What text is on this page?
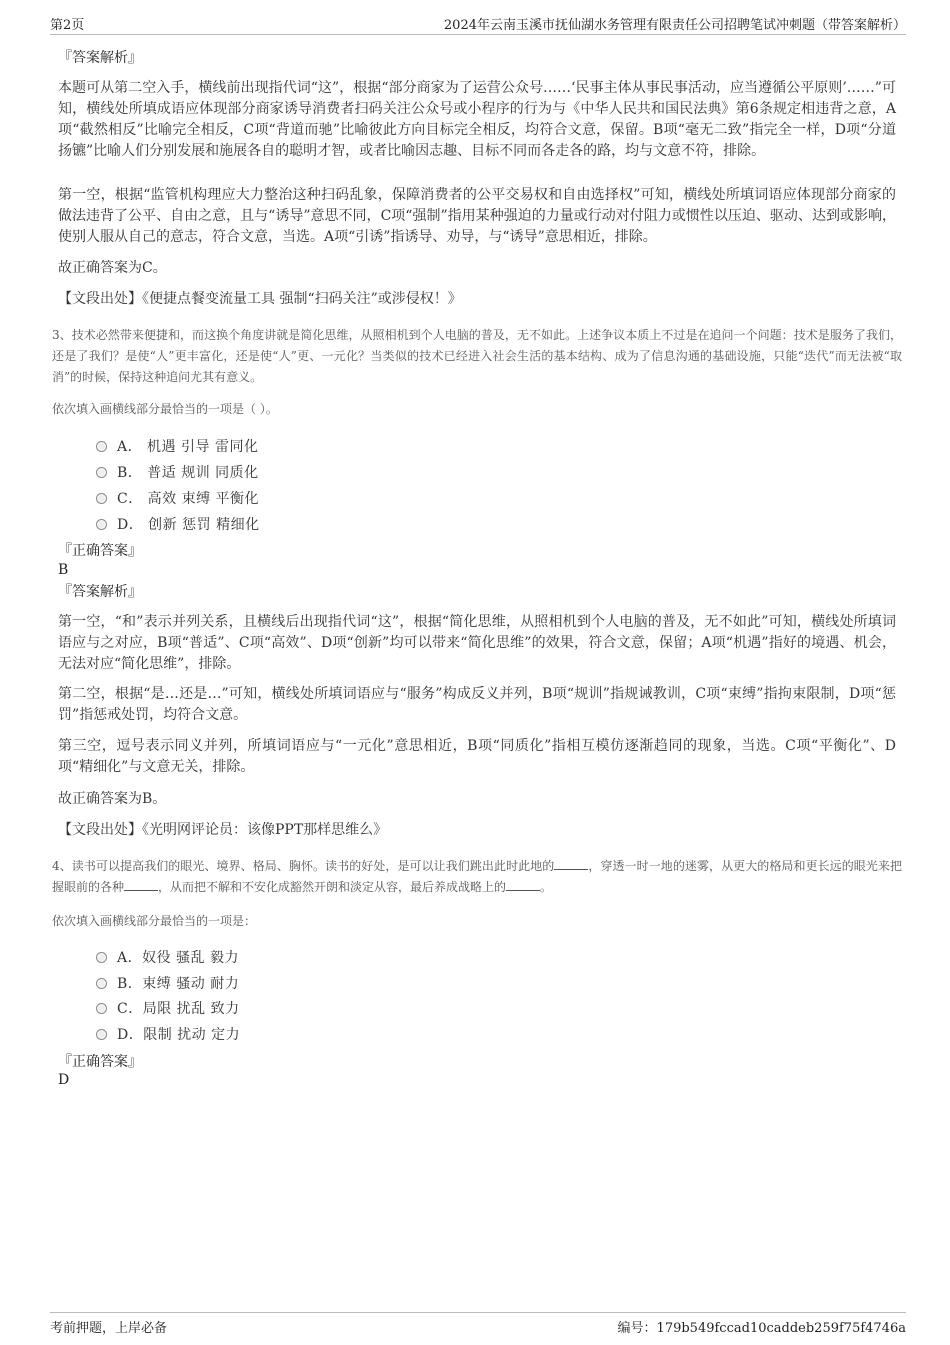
第2页	2024年云南玉溪市抚仙湖水务管理有限责任公司招聘笔试冲刺题（带答案解析）
『答案解析』

本题可从第二空入手，横线前出现指代词“这”，根据“部分商家为了运营公众号……‘民事主体从事民事活动，应当遵循公平原则’……”可知，横线处所填成语应体现部分商家诱导消费者扫码关注公众号或小程序的行为与《中华人民共和国民法典》第6条规定相违背之意，A项“截然相反”比喻完全相反，C项“背道而驰”比喻彼此方向目标完全相反，均符合文意，保留。B项“毫无二致”指完全一样，D项“分道扬镳”比喻人们分别发展和施展各自的聪明才智，或者比喻因志趣、目标不同而各走各的路，均与文意不符，排除。

第一空，根据“监管机构理应大力整治这种扫码乱象，保障消费者的公平交易权和自由选择权”可知，横线处所填词语应体现部分商家的做法违背了公平、自由之意，且与“诱导”意思不同，C项“强制”指用某种强迫的力量或行动对付阻力或惯性以压迫、驱动、达到或影响，使别人服从自己的意志，符合文意，当选。A项“引诱”指诱导、劝导，与“诱导”意思相近，排除。

故正确答案为C。

【文段出处】《便捷点餐变流量工具 强制“扫码关注”或涉侵权！》

3、技术必然带来便捷和，而这换个角度讲就是简化思维，从照相机到个人电脑的普及，无不如此。上述争议本质上不过是在追问一个问题：技术是服务了我们，还是了我们？是使“人”更丰富化，还是使“人”更、一元化？当类似的技术已经进入社会生活的基本结构、成为了信息沟通的基础设施，只能“迭代”而无法被“取消”的时候，保持这种追问尤其有意义。
依次填入画横线部分最恰当的一项是（ ）。
A． 机遇 引导 雷同化
B． 普适 规训 同质化
C． 高效 束缚 平衡化
D． 创新 惩罚 精细化
『正确答案』
B
『答案解析』

第一空，“和”表示并列关系，且横线后出现指代词“这”，根据“简化思维，从照相机到个人电脑的普及，无不如此”可知，横线处所填词语应与之对应，B项“普适”、C项“高效”、D项“创新”均可以带来“简化思维”的效果，符合文意，保留；A项“机遇”指好的境遇、机会，无法对应“简化思维”，排除。

第二空，根据“是…还是…”可知，横线处所填词语应与“服务”构成反义并列，B项“规训”指规诫教训，C项“束缚”指拘束限制，D项“惩罚”指惩戒处罚，均符合文意。

第三空，逗号表示同义并列，所填词语应与“一元化”意思相近，B项“同质化”指相互模仿逐渐趋同的现象，当选。C项“平衡化”、D项“精细化”与文意无关，排除。

故正确答案为B。

【文段出处】《光明网评论员：该像PPT那样思维么》

4、读书可以提高我们的眼光、境界、格局、胸怀。读书的好处，是可以让我们跳出此时此地的	，穿透一时一地的迷雾，从更大的格局和更长远的眼光来把握眼前的各种	，从而把不解和不安化成豁然开朗和淡定从容，最后养成战略上的	。
依次填入画横线部分最恰当的一项是：
A．奴役 骚乱 毅力
B．束缚 骚动 耐力
C．局限 扰乱 致力
D．限制 扰动 定力
『正确答案』
D
考前押题，上岸必备	编号：179b549fccad10caddeb259f75f4746a
